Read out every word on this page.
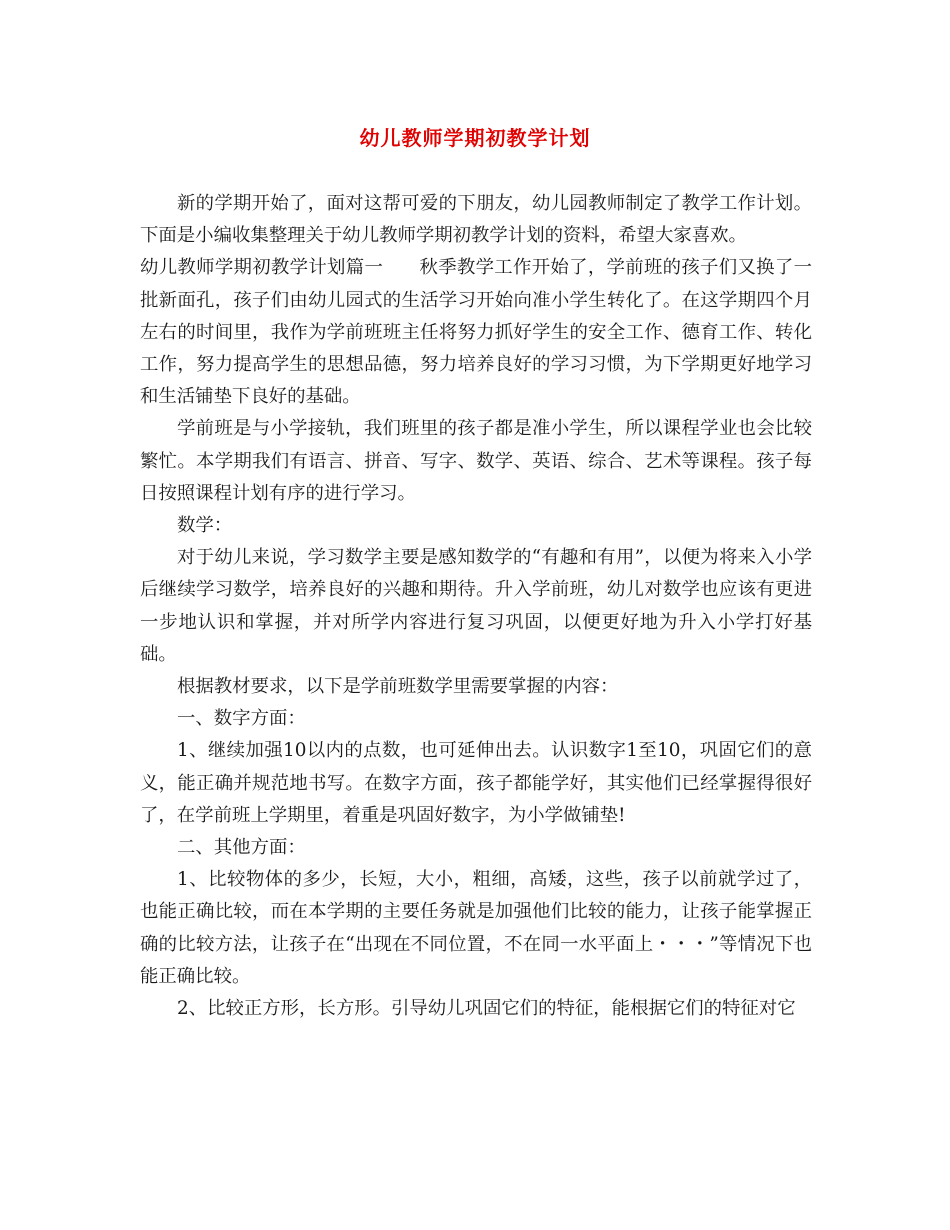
幼儿教师学期初教学计划

新的学期开始了，面对这帮可爱的下朋友，幼儿园教师制定了教学工作计划。下面是小编收集整理关于幼儿教师学期初教学计划的资料，希望大家喜欢。

幼儿教师学期初教学计划篇一 秋季教学工作开始了，学前班的孩子们又换了一批新面孔，孩子们由幼儿园式的生活学习开始向准小学生转化了。在这学期四个月左右的时间里，我作为学前班班主任将努力抓好学生的安全工作、德育工作、转化工作，努力提高学生的思想品德，努力培养良好的学习习惯，为下学期更好地学习和生活铺垫下良好的基础。

学前班是与小学接轨，我们班里的孩子都是准小学生，所以课程学业也会比较繁忙。本学期我们有语言、拼音、写字、数学、英语、综合、艺术等课程。孩子每日按照课程计划有序的进行学习。

数学：

对于幼儿来说，学习数学主要是感知数学的“有趣和有用”，以便为将来入小学后继续学习数学，培养良好的兴趣和期待。升入学前班，幼儿对数学也应该有更进一步地认识和掌握，并对所学内容进行复习巩固，以便更好地为升入小学打好基础。

根据教材要求，以下是学前班数学里需要掌握的内容：

一、数字方面：

1、继续加强10以内的点数，也可延伸出去。认识数字1至10，巩固它们的意义，能正确并规范地书写。在数字方面，孩子都能学好，其实他们已经掌握得很好了，在学前班上学期里，着重是巩固好数字，为小学做铺垫!

二、其他方面：

1、比较物体的多少，长短，大小，粗细，高矮，这些，孩子以前就学过了，也能正确比较，而在本学期的主要任务就是加强他们比较的能力，让孩子能掌握正确的比较方法，让孩子在“出现在不同位置，不在同一水平面上・・・”等情况下也能正确比较。

2、比较正方形，长方形。引导幼儿巩固它们的特征，能根据它们的特征对它
